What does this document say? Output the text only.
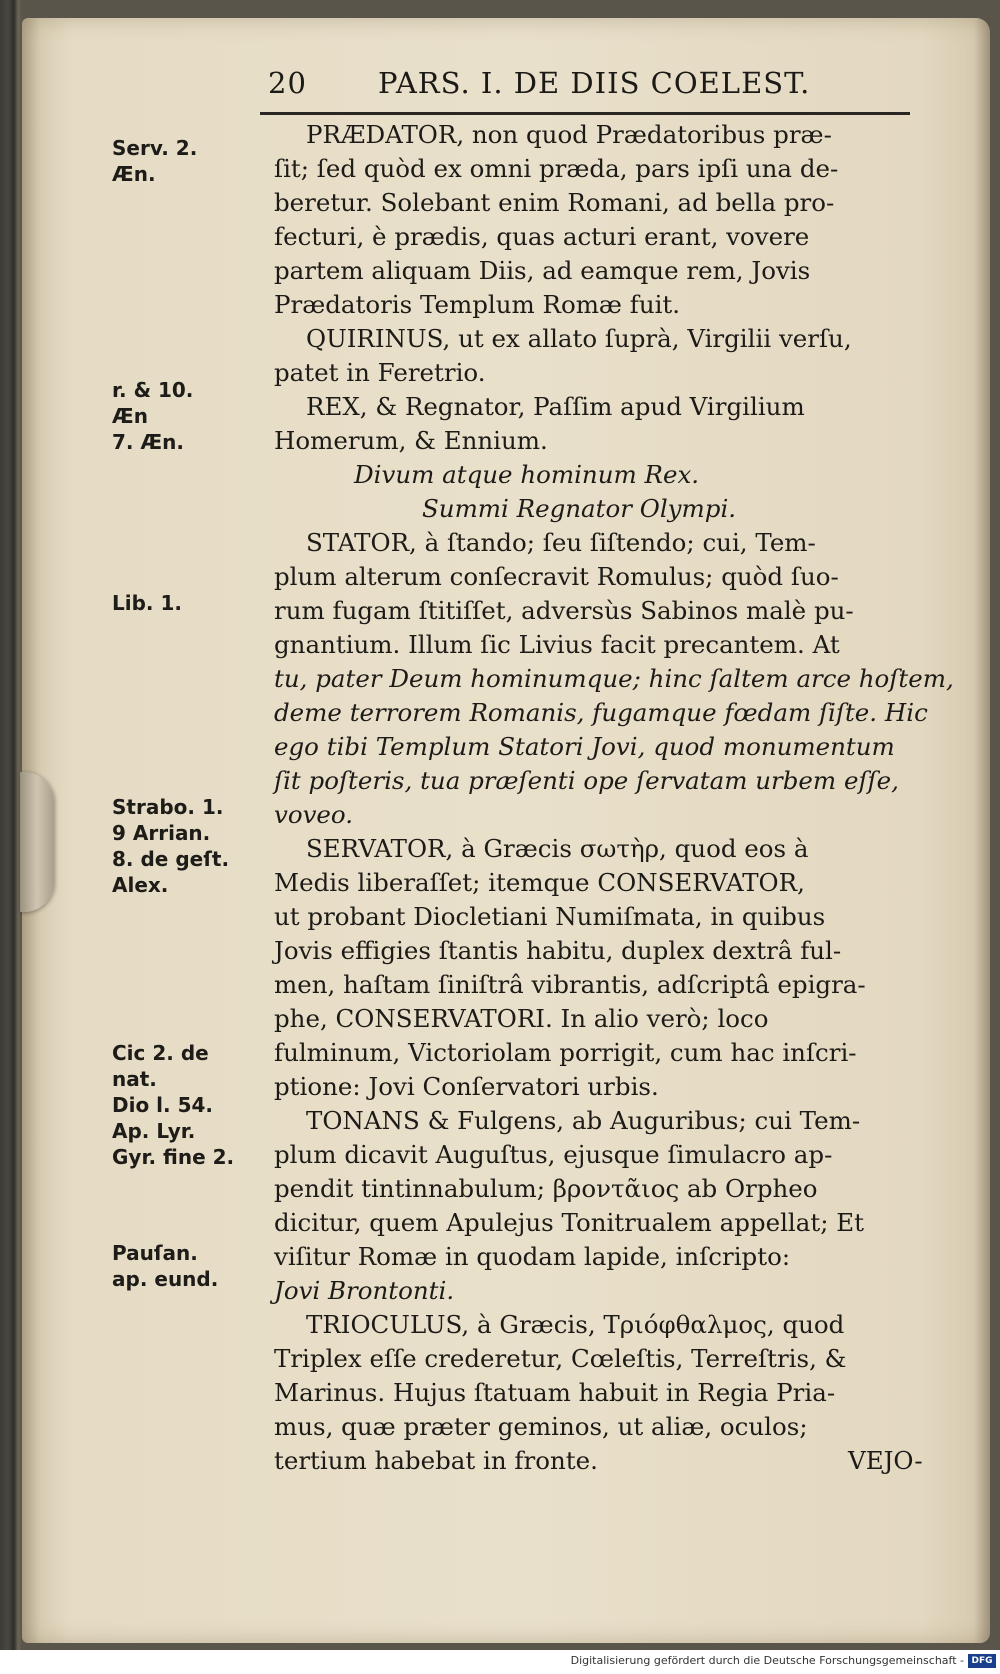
20 PARS. I. DE DIIS COELEST.
Serv. 2.
Æn.
r. & 10.
Æn
7. Æn.
Lib. 1.
Strabo. 1.
9 Arrian.
8. de geſt.
Alex.
Cic 2. de
nat.
Dio l. 54.
Ap. Lyr.
Gyr. fine 2.
Pauſan.
ap. eund.
PRÆDATOR, non quod Prædatoribus præ-
ſit; ſed quòd ex omni præda, pars ipſi una de-
beretur. Solebant enim Romani, ad bella pro-
fecturi, è prædis, quas acturi erant, vovere
partem aliquam Diis, ad eamque rem, Jovis
Prædatoris Templum Romæ fuit.
QUIRINUS, ut ex allato ſuprà, Virgilii verſu,
patet in Feretrio.
REX, & Regnator, Paſſim apud Virgilium
Homerum, & Ennium.
Divum atque hominum Rex.
Summi Regnator Olympi.
STATOR, à ſtando; ſeu ſiſtendo; cui, Tem-
plum alterum conſecravit Romulus; quòd ſuo-
rum fugam ſtitiſſet, adversùs Sabinos malè pu-
gnantium. Illum ſic Livius facit precantem. At
tu, pater Deum hominumque; hinc ſaltem arce hoſtem,
deme terrorem Romanis, fugamque fœdam ſiſte. Hic
ego tibi Templum Statori Jovi, quod monumentum
ſit poſteris, tua præſenti ope ſervatam urbem eſſe,
voveo.
SERVATOR, à Græcis σωτὴρ, quod eos à
Medis liberaſſet; itemque CONSERVATOR,
ut probant Diocletiani Numiſmata, in quibus
Jovis effigies ſtantis habitu, duplex dextrâ ful-
men, haſtam ſiniſtrâ vibrantis, adſcriptâ epigra-
phe, CONSERVATORI. In alio verò; loco
fulminum, Victoriolam porrigit, cum hac inſcri-
ptione: Jovi Conſervatori urbis.
TONANS & Fulgens, ab Auguribus; cui Tem-
plum dicavit Auguſtus, ejusque ſimulacro ap-
pendit tintinnabulum; βροντᾶιος ab Orpheo
dicitur, quem Apulejus Tonitrualem appellat; Et
viſitur Romæ in quodam lapide, inſcripto:
Jovi Brontonti.
TRIOCULUS, à Græcis, Τριόφθαλμος, quod
Triplex eſſe crederetur, Cœleſtis, Terreſtris, &
Marinus. Hujus ſtatuam habuit in Regia Pria-
mus, quæ præter geminos, ut aliæ, oculos;
tertium habebat in fronte.	VEJO-
Digitalisierung gefördert durch die Deutsche Forschungsgemeinschaft - DFG
